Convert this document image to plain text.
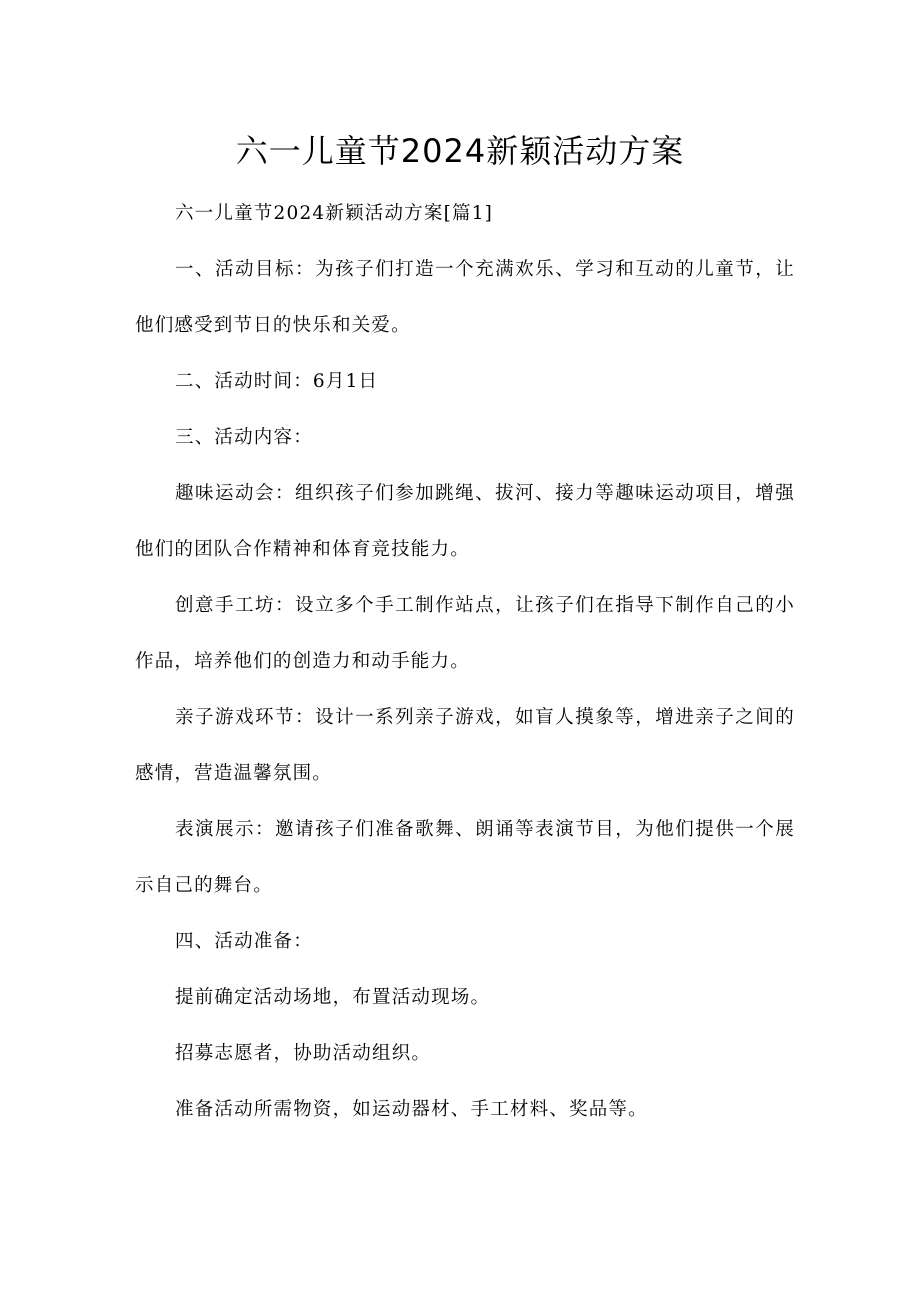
六一儿童节2024新颖活动方案

六一儿童节2024新颖活动方案[篇1]

一、活动目标：为孩子们打造一个充满欢乐、学习和互动的儿童节，让他们感受到节日的快乐和关爱。

二、活动时间：6月1日

三、活动内容：

趣味运动会：组织孩子们参加跳绳、拔河、接力等趣味运动项目，增强他们的团队合作精神和体育竞技能力。

创意手工坊：设立多个手工制作站点，让孩子们在指导下制作自己的小作品，培养他们的创造力和动手能力。

亲子游戏环节：设计一系列亲子游戏，如盲人摸象等，增进亲子之间的感情，营造温馨氛围。

表演展示：邀请孩子们准备歌舞、朗诵等表演节目，为他们提供一个展示自己的舞台。

四、活动准备：

提前确定活动场地，布置活动现场。

招募志愿者，协助活动组织。

准备活动所需物资，如运动器材、手工材料、奖品等。
